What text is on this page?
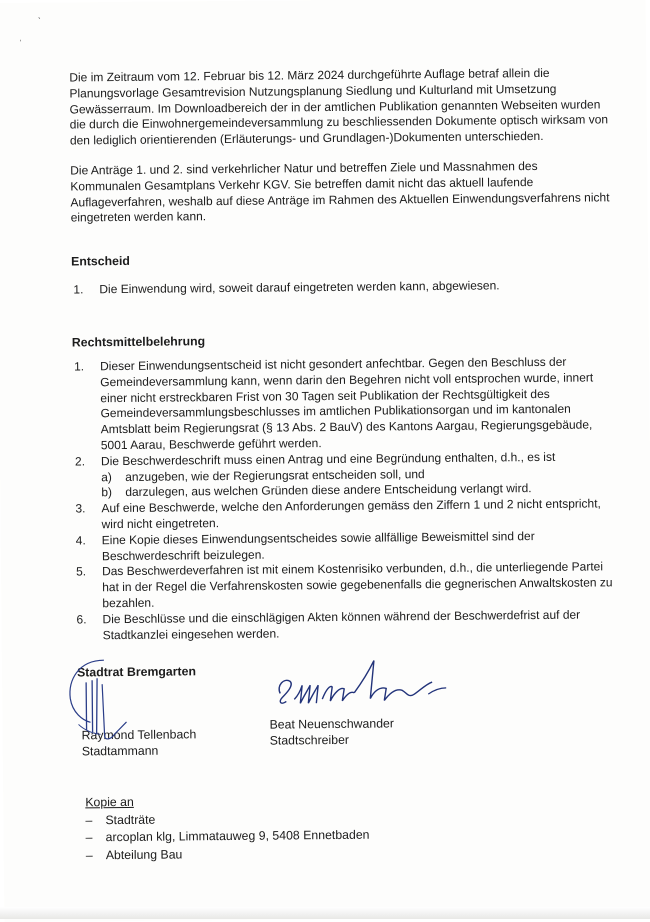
ˋ
ˈ

Die im Zeitraum vom 12. Februar bis 12. März 2024 durchgeführte Auflage betraf allein die Planungsvorlage Gesamtrevision Nutzungsplanung Siedlung und Kulturland mit Umsetzung Gewässerraum. Im Downloadbereich der in der amtlichen Publikation genannten Webseiten wurden die durch die Einwohnergemeindeversammlung zu beschliessenden Dokumente optisch wirksam von den lediglich orientierenden (Erläuterungs- und Grundlagen-)Dokumenten unterschieden.

Die Anträge 1. und 2. sind verkehrlicher Natur und betreffen Ziele und Massnahmen des Kommunalen Gesamtplans Verkehr KGV. Sie betreffen damit nicht das aktuell laufende Auflageverfahren, weshalb auf diese Anträge im Rahmen des Aktuellen Einwendungsverfahrens nicht eingetreten werden kann.

Entscheid

1. Die Einwendung wird, soweit darauf eingetreten werden kann, abgewiesen.

Rechtsmittelbelehrung

1. Dieser Einwendungsentscheid ist nicht gesondert anfechtbar. Gegen den Beschluss der Gemeindeversammlung kann, wenn darin den Begehren nicht voll entsprochen wurde, innert einer nicht erstreckbaren Frist von 30 Tagen seit Publikation der Rechtsgültigkeit des Gemeindeversammlungsbeschlusses im amtlichen Publikationsorgan und im kantonalen Amtsblatt beim Regierungsrat (§ 13 Abs. 2 BauV) des Kantons Aargau, Regierungsgebäude, 5001 Aarau, Beschwerde geführt werden.
2. Die Beschwerdeschrift muss einen Antrag und eine Begründung enthalten, d.h., es ist
a) anzugeben, wie der Regierungsrat entscheiden soll, und
b) darzulegen, aus welchen Gründen diese andere Entscheidung verlangt wird.
3. Auf eine Beschwerde, welche den Anforderungen gemäss den Ziffern 1 und 2 nicht entspricht, wird nicht eingetreten.
4. Eine Kopie dieses Einwendungsentscheides sowie allfällige Beweismittel sind der Beschwerdeschrift beizulegen.
5. Das Beschwerdeverfahren ist mit einem Kostenrisiko verbunden, d.h., die unterliegende Partei hat in der Regel die Verfahrenskosten sowie gegebenenfalls die gegnerischen Anwaltskosten zu bezahlen.
6. Die Beschlüsse und die einschlägigen Akten können während der Beschwerdefrist auf der Stadtkanzlei eingesehen werden.
Stadtrat Bremgarten
Raymond Tellenbach
Stadtammann
Beat Neuenschwander
Stadtschreiber
Kopie an
– Stadträte
– arcoplan klg, Limmatauweg 9, 5408 Ennetbaden
– Abteilung Bau
